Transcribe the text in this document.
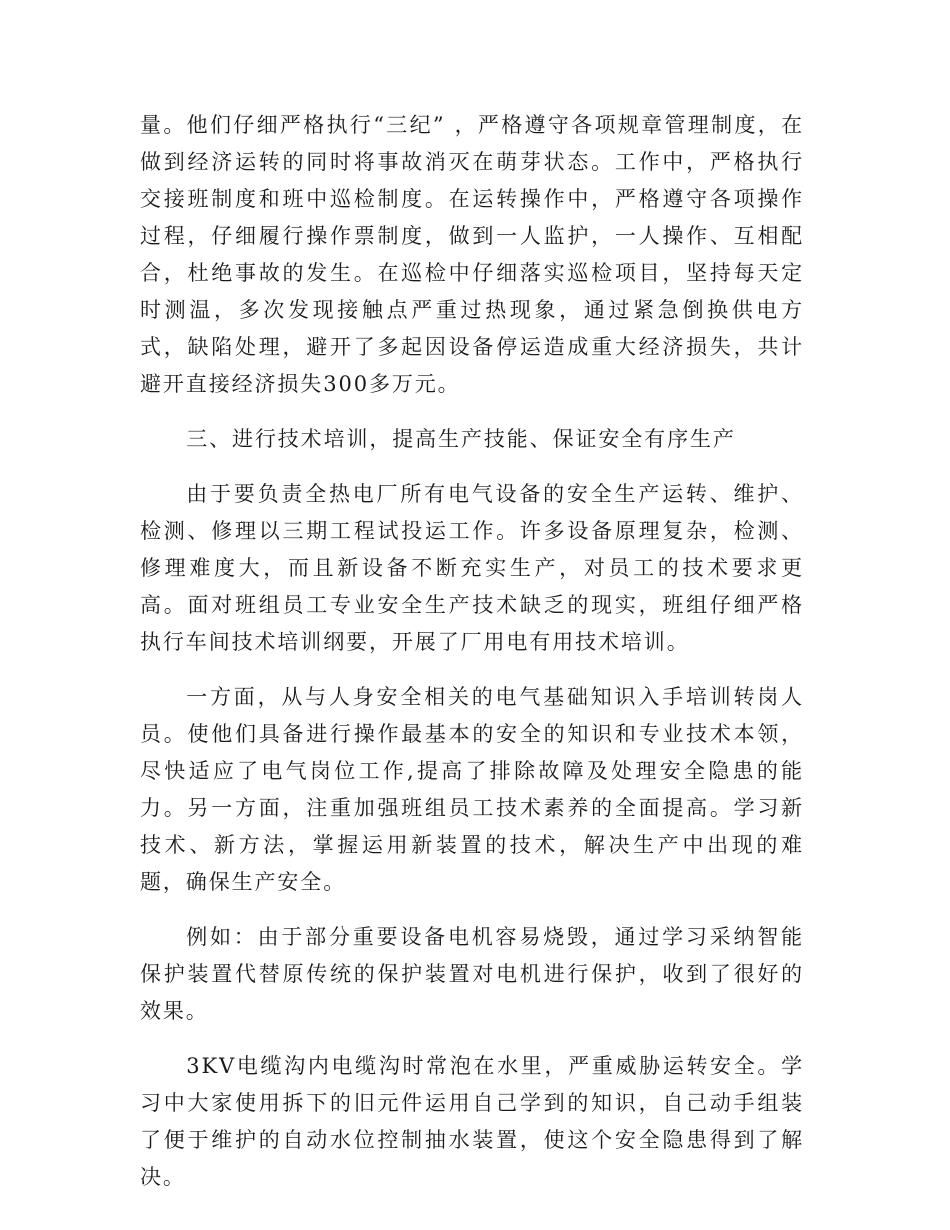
量。他们仔细严格执行“三纪” ，严格遵守各项规章管理制度，在做到经济运转的同时将事故消灭在萌芽状态。工作中，严格执行交接班制度和班中巡检制度。在运转操作中，严格遵守各项操作过程，仔细履行操作票制度，做到一人监护，一人操作、互相配合，杜绝事故的发生。在巡检中仔细落实巡检项目，坚持每天定时测温，多次发现接触点严重过热现象，通过紧急倒换供电方式，缺陷处理，避开了多起因设备停运造成重大经济损失，共计避开直接经济损失300多万元。

三、进行技术培训，提高生产技能、保证安全有序生产

由于要负责全热电厂所有电气设备的安全生产运转、维护、检测、修理以三期工程试投运工作。许多设备原理复杂，检测、修理难度大，而且新设备不断充实生产，对员工的技术要求更高。面对班组员工专业安全生产技术缺乏的现实，班组仔细严格执行车间技术培训纲要，开展了厂用电有用技术培训。

一方面，从与人身安全相关的电气基础知识入手培训转岗人员。使他们具备进行操作最基本的安全的知识和专业技术本领，尽快适应了电气岗位工作,提高了排除故障及处理安全隐患的能力。另一方面，注重加强班组员工技术素养的全面提高。学习新技术、新方法，掌握运用新装置的技术，解决生产中出现的难题，确保生产安全。

例如：由于部分重要设备电机容易烧毁，通过学习采纳智能保护装置代替原传统的保护装置对电机进行保护，收到了很好的效果。

3KV电缆沟内电缆沟时常泡在水里，严重威胁运转安全。学习中大家使用拆下的旧元件运用自己学到的知识，自己动手组装了便于维护的自动水位控制抽水装置，使这个安全隐患得到了解决。
